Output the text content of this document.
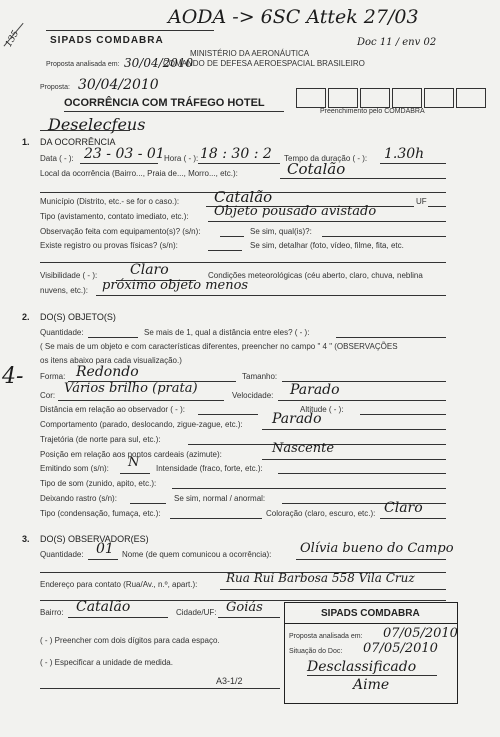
AODA -> 6SC Attek 27/03
Doc 11 / env 02
135	SIPADS COMDABRA
MINISTÉRIO DA AERONÁUTICA
COMANDO DE DEFESA AEROESPACIAL BRASILEIRO
Proposta analisada em: 30/04/2010
Proposta: 30/04/2010
OCORRÊNCIA COM TRÁFEGO HOTEL
Preenchimento pelo COMDABRA
Deselecfeus
1. DA OCORRÊNCIA
Data ( - ): 23 - 03 - 01 Hora ( - ): 18 : 30 : 2 Tempo da duração ( - ): 1.30h
Local da ocorrência (Bairro..., Praia de..., Morro..., etc.):	Cotalão
Município (Distrito, etc.- se for o caso.): Catalão	UF
Tipo (avistamento, contato imediato, etc.): Objeto pousado avistado
Observação feita com equipamento(s)? (s/n):	Se sim, qual(is)?:
Existe registro ou provas físicas? (s/n):	Se sim, detalhar (foto, vídeo, filme, fita, etc.
Visibilidade ( - ): Claro	Condições meteorológicas (céu aberto, claro, chuva, neblina
nuvens, etc.): próximo objeto menos
2. DO(S) OBJETO(S)
Quantidade:	Se mais de 1, qual a distância entre eles? ( - ):
( Se mais de um objeto e com características diferentes, preencher no campo " 4 " (OBSERVAÇÕES
os itens abaixo para cada visualização.)
4- Forma: Redondo	Tamanho:
Cor: Vários brilho (prata)	Velocidade: Parado
Distância em relação ao observador ( - ):	Altitude ( - ):
Comportamento (parado, deslocando, zigue-zague, etc.): Parado
Trajetória (de norte para sul, etc.):
Posição em relação aos pontos cardeais (azimute):	Nascente
Emitindo som (s/n): N Intensidade (fraco, forte, etc.):
Tipo de som (zunido, apito, etc.):
Deixando rastro (s/n):	Se sim, normal / anormal:
Tipo (condensação, fumaça, etc.):	Coloração (claro, escuro, etc.): Claro
3. DO(S) OBSERVADOR(ES)
Quantidade: 01 Nome (de quem comunicou a ocorrência): Olívia bueno do Campo
Endereço para contato (Rua/Av., n.º, apart.): Rua Rui Barbosa 558 Vila Cruz
Bairro: Catalão	Cidade/UF: Goiás
( - ) Preencher com dois dígitos para cada espaço.
( - ) Especificar a unidade de medida.
A3-1/2
SIPADS COMDABRA
Proposta analisada em: 07/05/2010
Situação do Doc: 07/05/2010
Desclassificado
Aime
